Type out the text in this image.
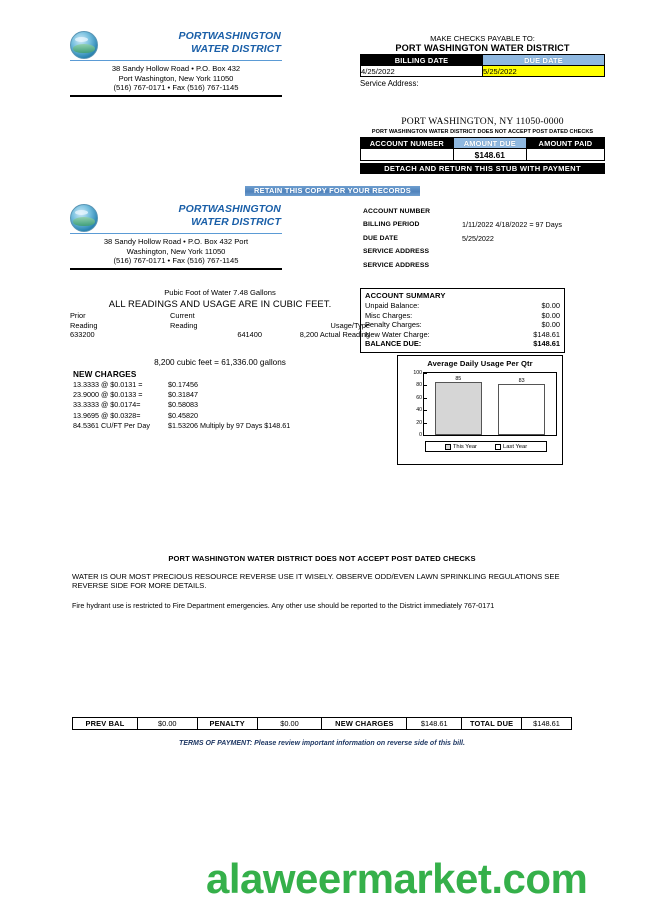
PORTWASHINGTON
WATER DISTRICT
38 Sandy Hollow Road • P.O. Box 432
Port Washington, New York 11050
(516) 767-0171 • Fax (516) 767-1145
MAKE CHECKS PAYABLE TO:
PORT WASHINGTON WATER DISTRICT
BILLING DATE	DUE DATE
4/25/2022	5/25/2022
Service Address:
PORT WASHINGTON, NY 11050-0000
PORT WASHINGTON WATER DISTRICT DOES NOT ACCEPT POST DATED CHECKS
ACCOUNT NUMBER	AMOUNT DUE	AMOUNT PAID
	$148.61	
DETACH AND RETURN THIS STUB WITH PAYMENT
RETAIN THIS COPY FOR YOUR RECORDS
PORTWASHINGTON
WATER DISTRICT
38 Sandy Hollow Road • P.O. Box 432 Port
Washington, New York 11050
(516) 767-0171 • Fax (516) 767-1145
ACCOUNT NUMBER	
BILLING PERIOD	1/11/2022 4/18/2022 = 97 Days
DUE DATE	5/25/2022
SERVICE ADDRESS	
SERVICE ADDRESS	
Pubic Foot of Water 7.48 Gallons
ALL READINGS AND USAGE ARE IN CUBIC FEET.
Prior	Current	
Reading	Reading	Usage/Type
633200	641400	8,200 Actual Reading
8,200 cubic feet = 61,336.00 gallons
NEW CHARGES
13.3333 @ $0.0131 =	$0.17456
23.9000 @ $0.0133 =	$0.31847
33.3333 @ $0.0174=	$0.58083
13.9695 @ $0.0328=	$0.45820
84.5361 CU/FT Per Day	$1.53206 Multiply by 97 Days $148.61
ACCOUNT SUMMARY
Unpaid Balance:	$0.00
Misc Charges:	$0.00
Penalty Charges:	$0.00
New Water Charge:	$148.61
BALANCE DUE:	$148.61
Average Daily Usage Per Qtr
100
80
60
40
20
0
85	83
This Year	Last Year
PORT WASHINGTON WATER DISTRICT DOES NOT ACCEPT POST DATED CHECKS
WATER IS OUR MOST PRECIOUS RESOURCE REVERSE USE IT WISELY. OBSERVE ODD/EVEN LAWN SPRINKLING REGULATIONS SEE REVERSE SIDE FOR MORE DETAILS.
Fire hydrant use is restricted to Fire Department emergencies. Any other use should be reported to the District immediately 767-0171
PREV BAL	$0.00	PENALTY	$0.00	NEW CHARGES	$148.61	TOTAL DUE	$148.61
TERMS OF PAYMENT: Please review important information on reverse side of this bill.
alaweermarket.com
